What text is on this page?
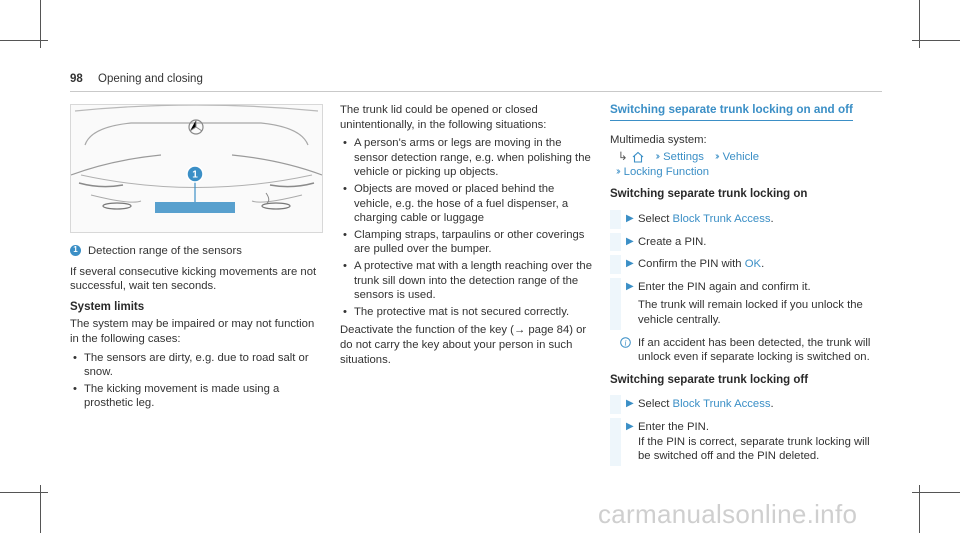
98 Opening and closing
1
1 Detection range of the sensors

If several consecutive kicking movements are not successful, wait ten seconds.

System limits

The system may be impaired or may not function in the following cases:

• The sensors are dirty, e.g. due to road salt or snow.
• The kicking movement is made using a prosthetic leg.

The trunk lid could be opened or closed unintentionally, in the following situations:

• A person's arms or legs are moving in the sensor detection range, e.g. when polishing the vehicle or picking up objects.
• Objects are moved or placed behind the vehicle, e.g. the hose of a fuel dispenser, a charging cable or luggage
• Clamping straps, tarpaulins or other coverings are pulled over the bumper.
• A protective mat with a length reaching over the trunk sill down into the detection range of the sensors is used.
• The protective mat is not secured correctly.

Deactivate the function of the key (→ page 84) or do not carry the key about your person in such situations.

Switching separate trunk locking on and off

Multimedia system:

↳	›› Settings ›› Vehicle
›› Locking Function
Switching separate trunk locking on
▶ Select Block Trunk Access.
▶ Create a PIN.
▶ Confirm the PIN with OK.
▶ Enter the PIN again and confirm it.
The trunk will remain locked if you unlock the vehicle centrally.
i If an accident has been detected, the trunk will unlock even if separate locking is switched on.
Switching separate trunk locking off
▶ Select Block Trunk Access.
▶ Enter the PIN.
If the PIN is correct, separate trunk locking will be switched off and the PIN deleted.
carmanualsonline.info
